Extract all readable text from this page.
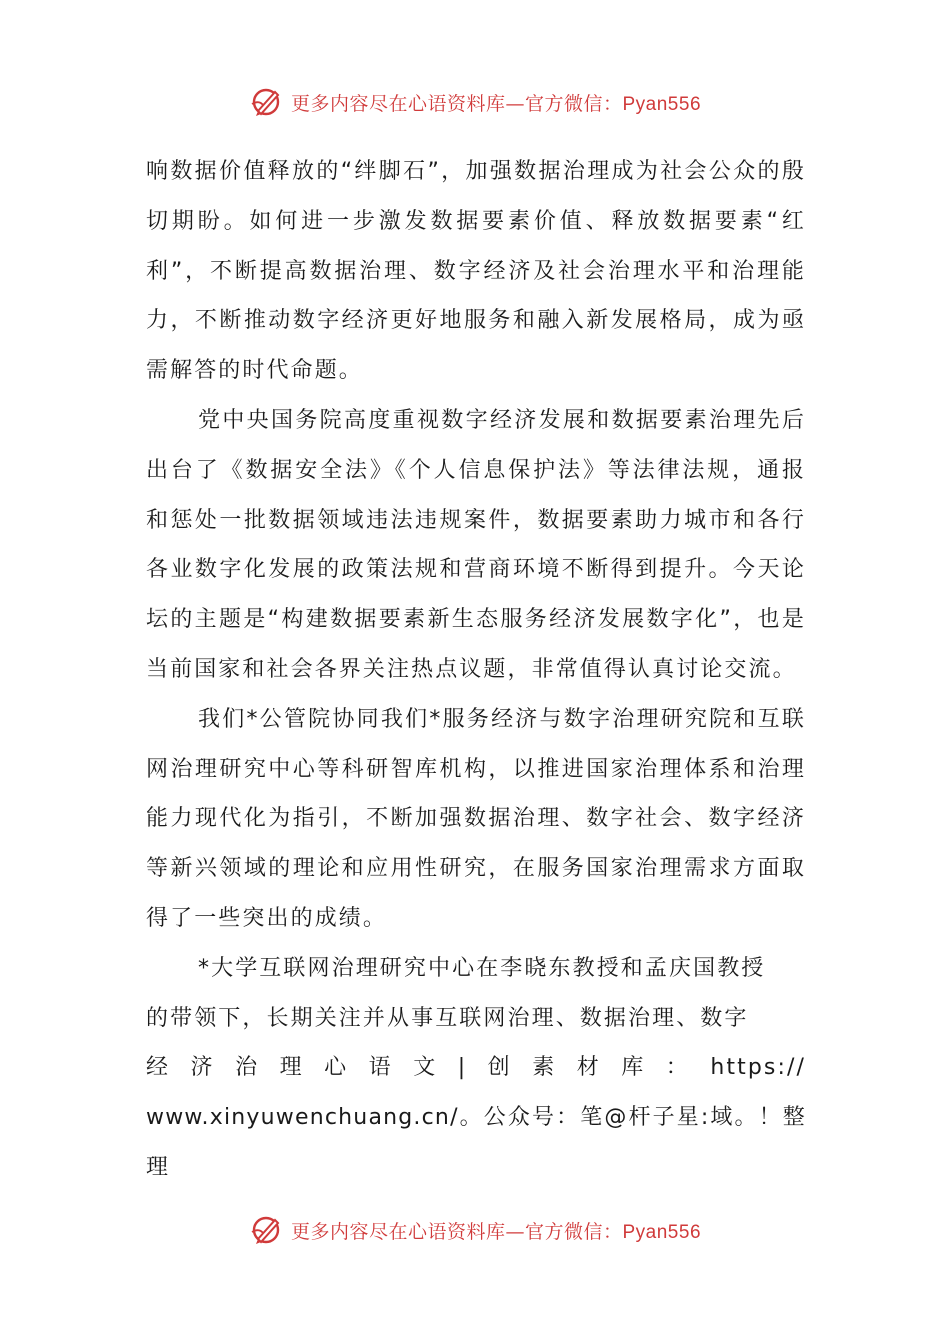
更多内容尽在心语资料库—官方微信：Pyan556

响数据价值释放的“绊脚石”，加强数据治理成为社会公众的殷切期盼。如何进一步激发数据要素价值、释放数据要素“红利”，不断提高数据治理、数字经济及社会治理水平和治理能力，不断推动数字经济更好地服务和融入新发展格局，成为亟需解答的时代命题。

党中央国务院高度重视数字经济发展和数据要素治理先后出台了《数据安全法》《个人信息保护法》等法律法规，通报和惩处一批数据领域违法违规案件，数据要素助力城市和各行各业数字化发展的政策法规和营商环境不断得到提升。今天论坛的主题是“构建数据要素新生态服务经济发展数字化”，也是当前国家和社会各界关注热点议题，非常值得认真讨论交流。

我们*公管院协同我们*服务经济与数字治理研究院和互联网治理研究中心等科研智库机构，以推进国家治理体系和治理能力现代化为指引，不断加强数据治理、数字社会、数字经济等新兴领域的理论和应用性研究，在服务国家治理需求方面取得了一些突出的成绩。

*大学互联网治理研究中心在李晓东教授和孟庆国教授
的带领下，长期关注并从事互联网治理、数据治理、数字
经济治理心语文|创素材库：https://
www.xinyuwenchuang.cn/。公众号：笔@杆子星:域。！整理
更多内容尽在心语资料库—官方微信：Pyan556
